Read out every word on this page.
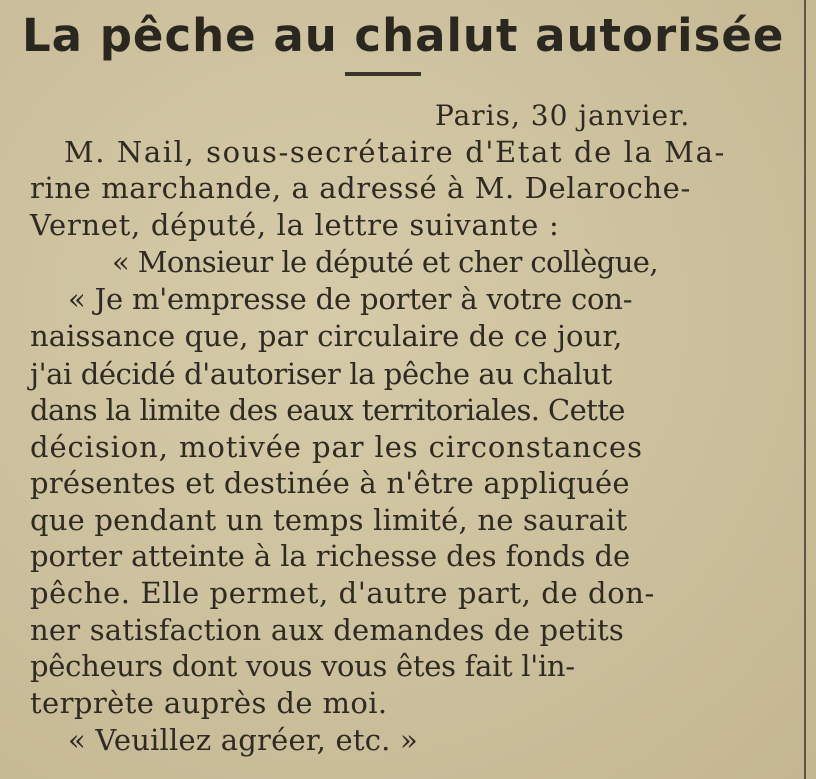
La pêche au chalut autorisée
Paris, 30 janvier.
M. Nail, sous-secrétaire d'Etat de la Ma-
rine marchande, a adressé à M. Delaroche-
Vernet, député, la lettre suivante :
« Monsieur le député et cher collègue,
« Je m'empresse de porter à votre con-
naissance que, par circulaire de ce jour,
j'ai décidé d'autoriser la pêche au chalut
dans la limite des eaux territoriales. Cette
décision, motivée par les circonstances
présentes et destinée à n'être appliquée
que pendant un temps limité, ne saurait
porter atteinte à la richesse des fonds de
pêche. Elle permet, d'autre part, de don-
ner satisfaction aux demandes de petits
pêcheurs dont vous vous êtes fait l'in-
terprète auprès de moi.
« Veuillez agréer, etc. »
